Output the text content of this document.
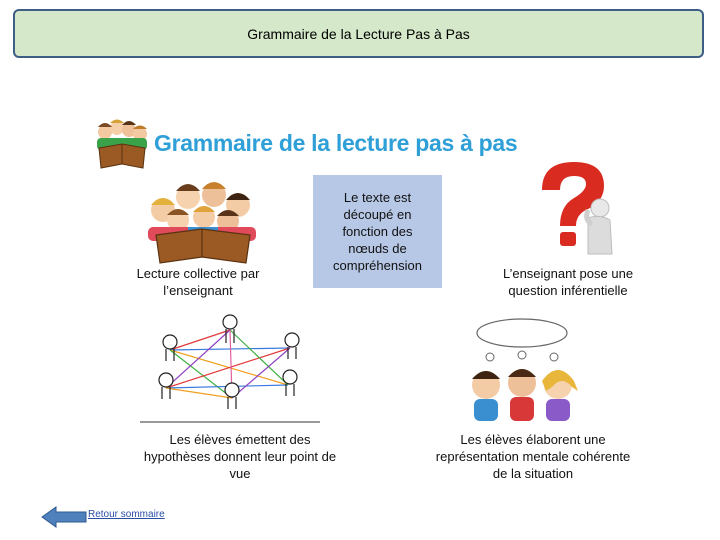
Grammaire de la Lecture Pas à Pas
Grammaire de la lecture pas à pas
Lecture collective par
l’enseignant
Le texte est
découpé en
fonction des
nœuds de
compréhension
L’enseignant pose une
question inférentielle
Les élèves émettent des
hypothèses donnent leur point de
vue
Les élèves élaborent une
représentation mentale cohérente
de la situation
Retour sommaire
